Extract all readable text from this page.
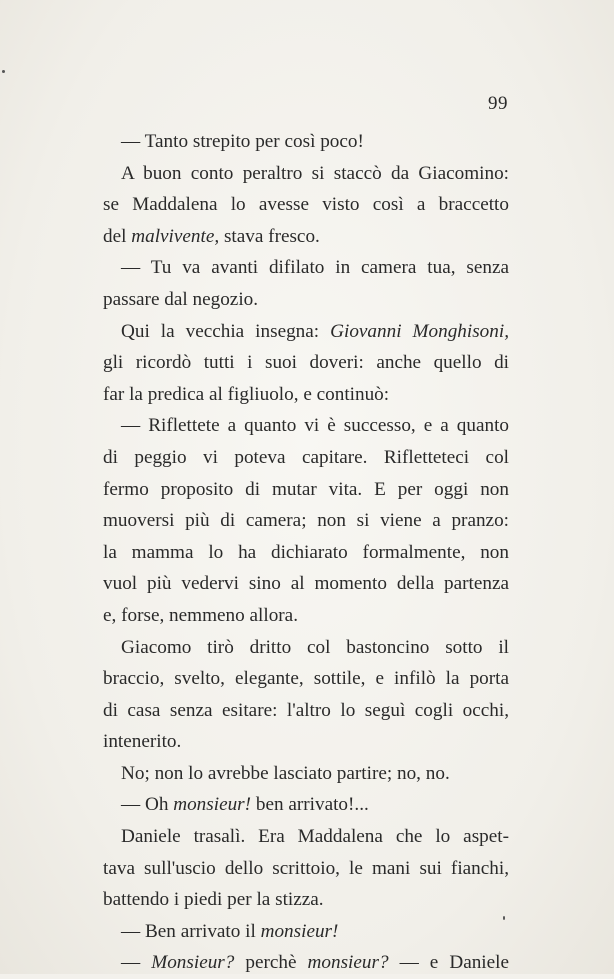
99
— Tanto strepito per così poco!
A buon conto peraltro si staccò da Giacomino:
se Maddalena lo avesse visto così a braccetto
del malvivente, stava fresco.
— Tu va avanti difilato in camera tua, senza
passare dal negozio.
Qui la vecchia insegna: Giovanni Monghisoni,
gli ricordò tutti i suoi doveri: anche quello di
far la predica al figliuolo, e continuò:
— Riflettete a quanto vi è successo, e a quanto
di peggio vi poteva capitare. Rifletteteci col
fermo proposito di mutar vita. E per oggi non
muoversi più di camera; non si viene a pranzo:
la mamma lo ha dichiarato formalmente, non
vuol più vedervi sino al momento della partenza
e, forse, nemmeno allora.
Giacomo tirò dritto col bastoncino sotto il
braccio, svelto, elegante, sottile, e infilò la porta
di casa senza esitare: l'altro lo seguì cogli occhi,
intenerito.
No; non lo avrebbe lasciato partire; no, no.
— Oh monsieur! ben arrivato!...
Daniele trasalì. Era Maddalena che lo aspet-
tava sull'uscio dello scrittoio, le mani sui fianchi,
battendo i piedi per la stizza.
— Ben arrivato il monsieur!
— Monsieur? perchè monsieur? — e Daniele
